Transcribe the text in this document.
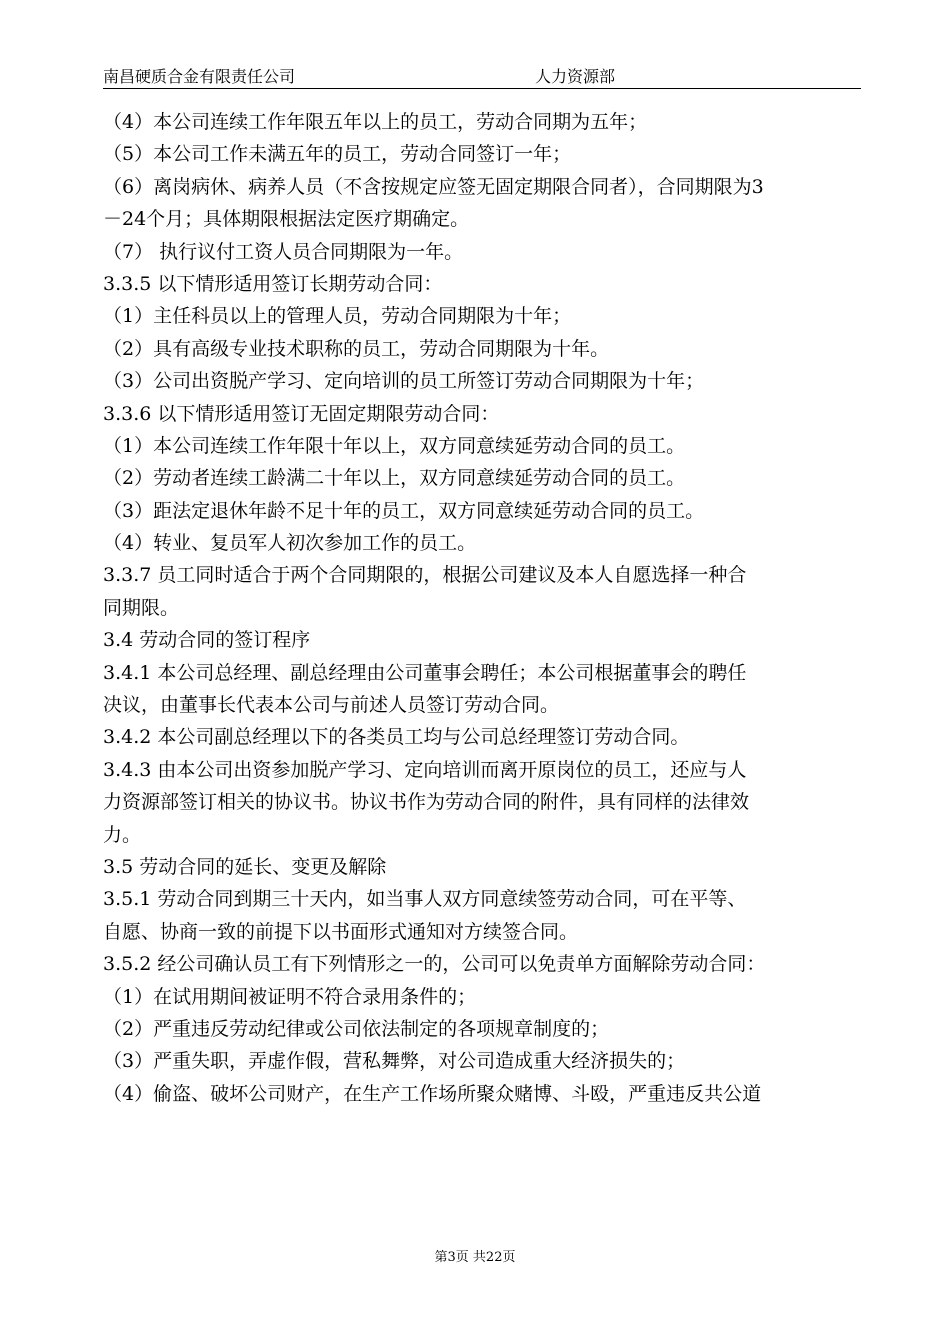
南昌硬质合金有限责任公司	人力资源部
（4）本公司连续工作年限五年以上的员工，劳动合同期为五年；
（5）本公司工作未满五年的员工，劳动合同签订一年；
（6）离岗病休、病养人员（不含按规定应签无固定期限合同者），合同期限为3
－24个月；具体期限根据法定医疗期确定。
（7） 执行议付工资人员合同期限为一年。
3.3.5 以下情形适用签订长期劳动合同：
（1）主任科员以上的管理人员，劳动合同期限为十年；
（2）具有高级专业技术职称的员工，劳动合同期限为十年。
（3）公司出资脱产学习、定向培训的员工所签订劳动合同期限为十年；
3.3.6 以下情形适用签订无固定期限劳动合同：
（1）本公司连续工作年限十年以上，双方同意续延劳动合同的员工。
（2）劳动者连续工龄满二十年以上，双方同意续延劳动合同的员工。
（3）距法定退休年龄不足十年的员工，双方同意续延劳动合同的员工。
（4）转业、复员军人初次参加工作的员工。
3.3.7 员工同时适合于两个合同期限的，根据公司建议及本人自愿选择一种合
同期限。
3.4 劳动合同的签订程序
3.4.1 本公司总经理、副总经理由公司董事会聘任；本公司根据董事会的聘任
决议，由董事长代表本公司与前述人员签订劳动合同。
3.4.2 本公司副总经理以下的各类员工均与公司总经理签订劳动合同。
3.4.3 由本公司出资参加脱产学习、定向培训而离开原岗位的员工，还应与人
力资源部签订相关的协议书。协议书作为劳动合同的附件，具有同样的法律效
力。
3.5 劳动合同的延长、变更及解除
3.5.1 劳动合同到期三十天内，如当事人双方同意续签劳动合同，可在平等、
自愿、协商一致的前提下以书面形式通知对方续签合同。
3.5.2 经公司确认员工有下列情形之一的，公司可以免责单方面解除劳动合同：
（1）在试用期间被证明不符合录用条件的；
（2）严重违反劳动纪律或公司依法制定的各项规章制度的；
（3）严重失职，弄虚作假，营私舞弊，对公司造成重大经济损失的；
（4）偷盗、破坏公司财产，在生产工作场所聚众赌博、斗殴，严重违反共公道
第3页 共22页
